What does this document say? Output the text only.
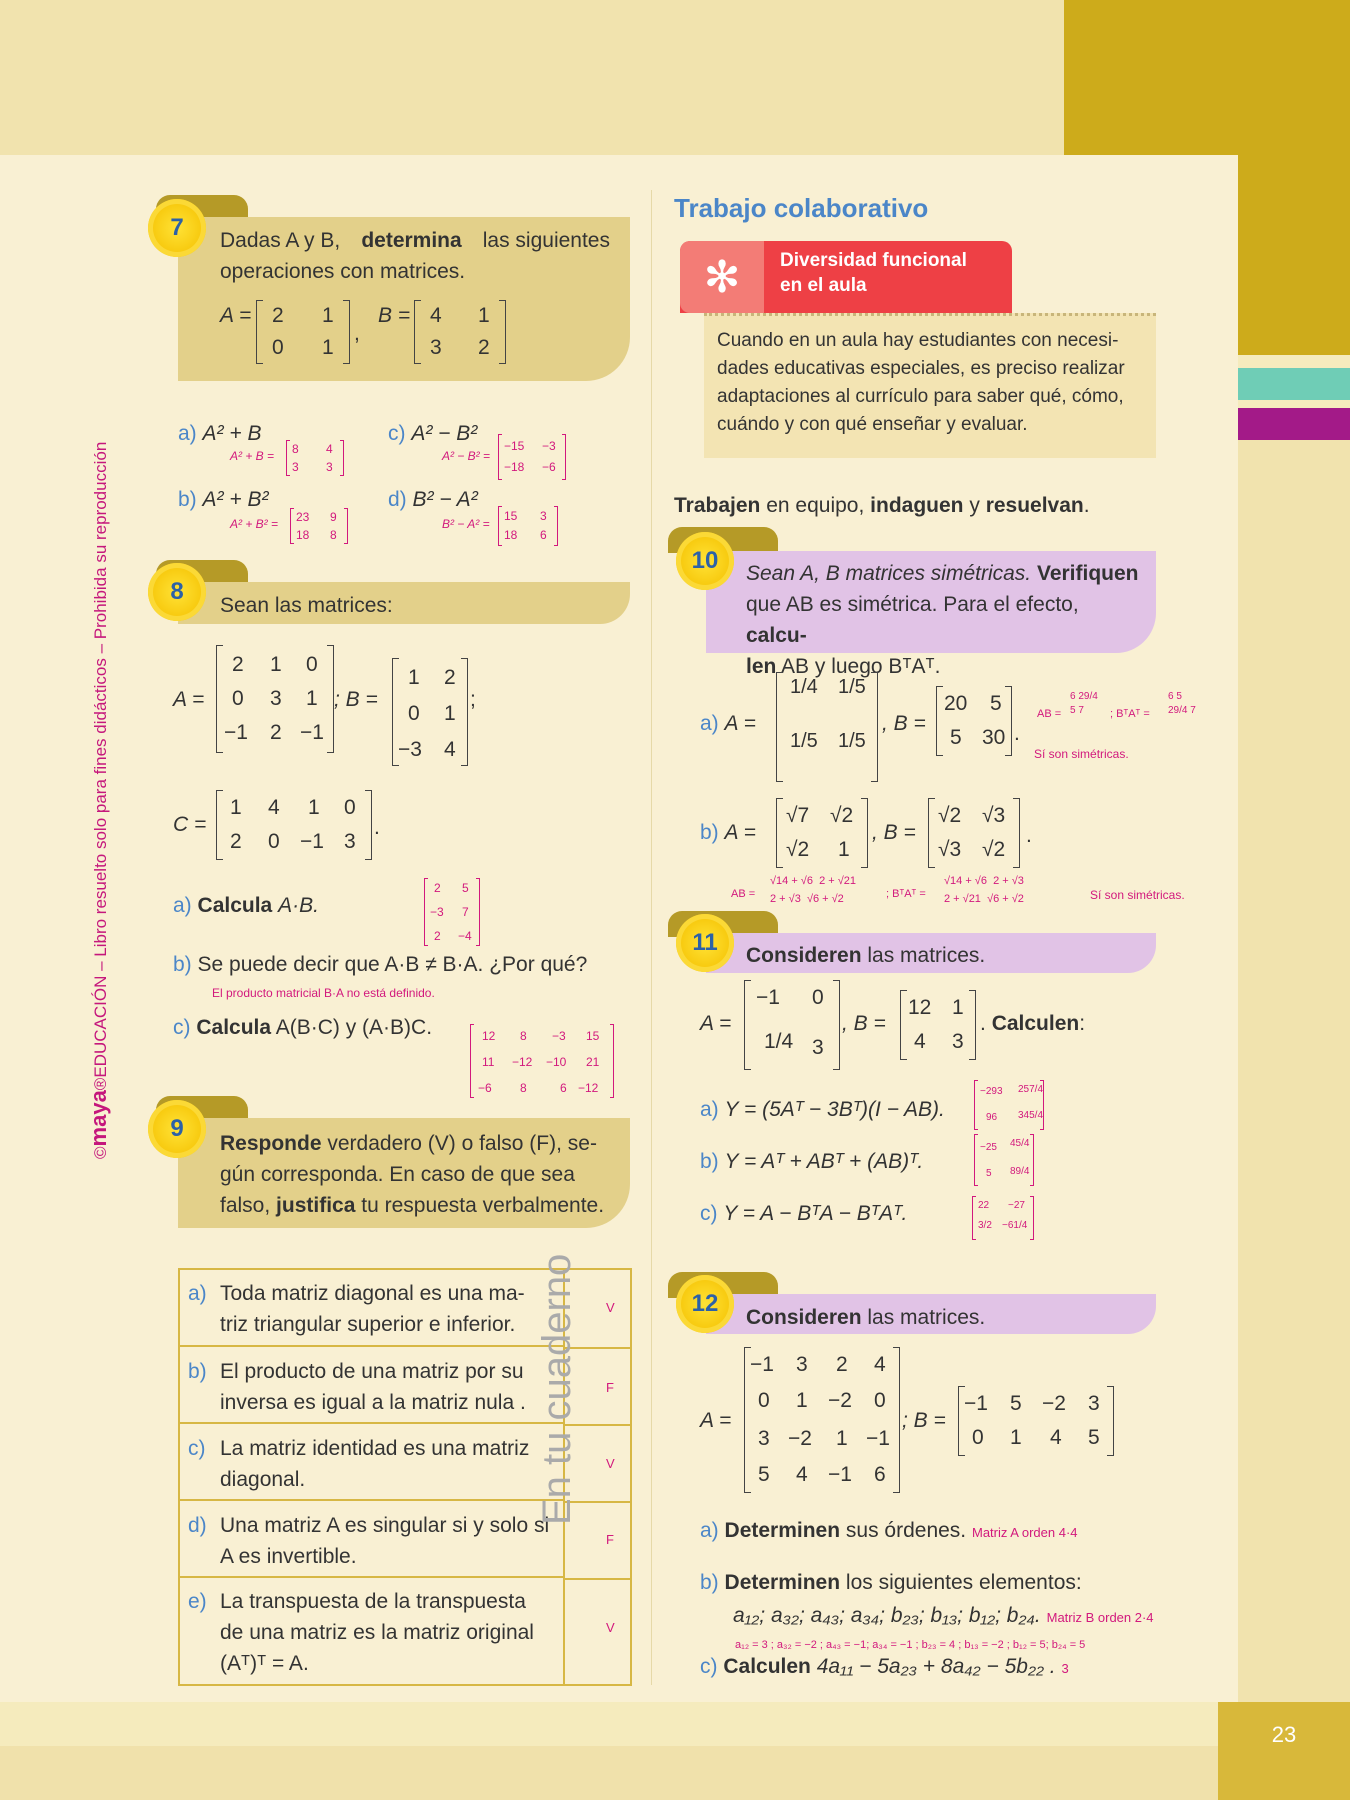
23
©maya®EDUCACIÓN – Libro resuelto solo para fines didácticos – Prohibida su reproducción
7	Dadas A y B, determina las siguientes
operaciones con matrices.
A = 2 1
0 1
,
B = 4 1
3 2
a) A² + B
A² + B = 8 4
3 3
b) A² + B²
A² + B² = 23 9
18 8
c) A² − B²
A² − B² =
−15 −3
−18 −6
d) B² − A²
B² − A² =
15 3
18 6
8
Sean las matrices:
A =
2 1 0
0 3 1
−1 2 −1
; B =
1 2
0 1
−3 4
;
C =
1 4 1 0
2 0 −1 3
.
a) Calcula A·B.
2 5
−3 7
2 −4
b) Se puede decir que A·B ≠ B·A. ¿Por qué?
El producto matricial B·A no está definido.
c) Calcula A(B·C) y (A·B)C.	12 8 −3 15
11 −12 −10 21
−6 8	6 −12
9
Responde verdadero (V) o falso (F), se-
gún corresponda. En caso de que sea
falso, justifica tu respuesta verbalmente.
a) Toda matriz diagonal es una ma-
triz triangular superior e inferior.
V
b) El producto de una matriz por su
inversa es igual a la matriz nula .
F
c) La matriz identidad es una matriz
diagonal.
V
d) Una matriz A es singular si y solo si
A es invertible.
F
e) La transpuesta de la transpuesta
de una matriz es la matriz original
(Aᵀ)ᵀ = A.
V
En tu cuaderno
Trabajo colaborativo
✻	Diversidad funcional
en el aula
Cuando en un aula hay estudiantes con necesi-
dades educativas especiales, es preciso realizar
adaptaciones al currículo para saber qué, cómo,
cuándo y con qué enseñar y evaluar.
Trabajen en equipo, indaguen y resuelvan.
10	Sean A, B matrices simétricas. Verifiquen
que AB es simétrica. Para el efecto, calcu-
len AB y luego BᵀAᵀ.
a) A =
1/4 1/5
1/5 1/5
, B =
20 5
5 30 .
AB =
6 29/4
5 7	; BᵀAᵀ =
6 5
29/4 7
Sí son simétricas.
b) A =
√7 √2
√2 1
, B =
√2 √3
√3 √2
.
AB =
√14 + √6 2 + √21
2 + √3 √6 + √2	; BᵀAᵀ =
√14 + √6 2 + √3
2 + √21 √6 + √2	Sí son simétricas.
11	Consideren las matrices.
A =
−1 0
1/4 3
, B =
12 1
4 3
. Calculen:
a) Y = (5Aᵀ − 3Bᵀ)(I − AB).
−293 257/4
96 345/4
b) Y = Aᵀ + ABᵀ + (AB)ᵀ.
−25 45/4
5 89/4
c) Y = A − BᵀA − BᵀAᵀ.	22 −27
3/2 −61/4
12
Consideren las matrices.
A =
−1 3 2 4
0 1 −2 0
3 −2 1 −1
5 4 −1 6
; B =
−1 5 −2 3
0 1 4 5
a) Determinen sus órdenes. Matriz A orden 4·4
b) Determinen los siguientes elementos:
a₁₂; a₃₂; a₄₃; a₃₄; b₂₃; b₁₃; b₁₂; b₂₄. Matriz B orden 2·4
a₁₂ = 3 ; a₃₂ = −2 ; a₄₃ = −1; a₃₄ = −1 ; b₂₃ = 4 ; b₁₃ = −2 ; b₁₂ = 5; b₂₄ = 5
c) Calculen 4a₁₁ − 5a₂₃ + 8a₄₂ − 5b₂₂ . 3
